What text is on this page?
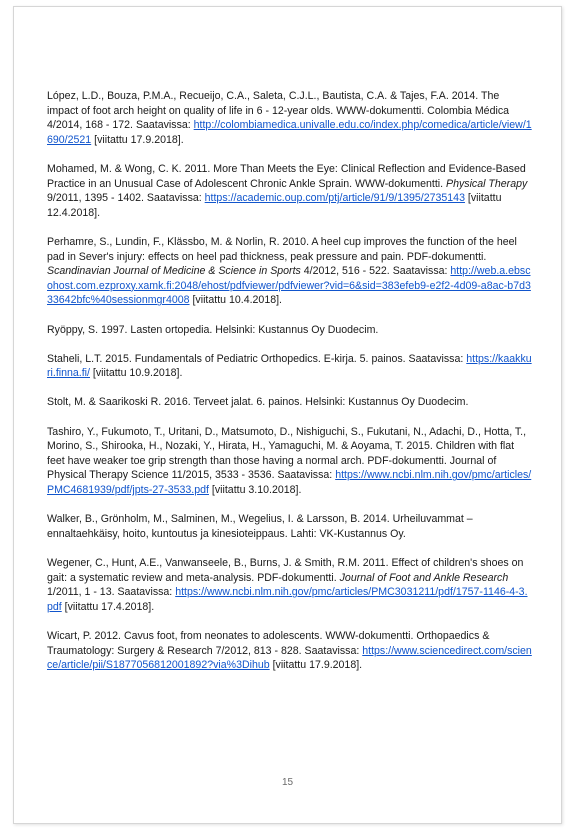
López, L.D., Bouza, P.M.A., Recueijo, C.A., Saleta, C.J.L., Bautista, C.A. & Tajes, F.A. 2014. The impact of foot arch height on quality of life in 6 - 12-year olds. WWW-dokumentti. Colombia Médica 4/2014, 168 - 172. Saatavissa: http://colombiamedica.univalle.edu.co/index.php/comedica/article/view/1690/2521 [viitattu 17.9.2018].

Mohamed, M. & Wong, C. K. 2011. More Than Meets the Eye: Clinical Reflection and Evidence-Based Practice in an Unusual Case of Adolescent Chronic Ankle Sprain. WWW-dokumentti. Physical Therapy 9/2011, 1395 - 1402. Saatavissa: https://academic.oup.com/ptj/article/91/9/1395/2735143 [viitattu 12.4.2018].

Perhamre, S., Lundin, F., Klässbo, M. & Norlin, R. 2010. A heel cup improves the function of the heel pad in Sever's injury: effects on heel pad thickness, peak pressure and pain. PDF-dokumentti. Scandinavian Journal of Medicine & Science in Sports 4/2012, 516 - 522. Saatavissa: http://web.a.ebscohost.com.ezproxy.xamk.fi:2048/ehost/pdfviewer/pdfviewer?vid=6&sid=383efeb9-e2f2-4d09-a8ac-b7d333642bfc%40sessionmgr4008 [viitattu 10.4.2018].

Ryöppy, S. 1997. Lasten ortopedia. Helsinki: Kustannus Oy Duodecim.

Staheli, L.T. 2015. Fundamentals of Pediatric Orthopedics. E-kirja. 5. painos. Saatavissa: https://kaakkuri.finna.fi/ [viitattu 10.9.2018].

Stolt, M. & Saarikoski R. 2016. Terveet jalat. 6. painos. Helsinki: Kustannus Oy Duodecim.

Tashiro, Y., Fukumoto, T., Uritani, D., Matsumoto, D., Nishiguchi, S., Fukutani, N., Adachi, D., Hotta, T., Morino, S., Shirooka, H., Nozaki, Y., Hirata, H., Yamaguchi, M. & Aoyama, T. 2015. Children with flat feet have weaker toe grip strength than those having a normal arch. PDF-dokumentti. Journal of Physical Therapy Science 11/2015, 3533 - 3536. Saatavissa: https://www.ncbi.nlm.nih.gov/pmc/articles/PMC4681939/pdf/jpts-27-3533.pdf [viitattu 3.10.2018].

Walker, B., Grönholm, M., Salminen, M., Wegelius, I. & Larsson, B. 2014. Urheiluvammat – ennaltaehkäisy, hoito, kuntoutus ja kinesioteippaus. Lahti: VK-Kustannus Oy.

Wegener, C., Hunt, A.E., Vanwanseele, B., Burns, J. & Smith, R.M. 2011. Effect of children's shoes on gait: a systematic review and meta-analysis. PDF-dokumentti. Journal of Foot and Ankle Research 1/2011, 1 - 13. Saatavissa: https://www.ncbi.nlm.nih.gov/pmc/articles/PMC3031211/pdf/1757-1146-4-3.pdf [viitattu 17.4.2018].

Wicart, P. 2012. Cavus foot, from neonates to adolescents. WWW-dokumentti. Orthopaedics & Traumatology: Surgery & Research 7/2012, 813 - 828. Saatavissa: https://www.sciencedirect.com/science/article/pii/S187705681200189​2?via%3Dihub [viitattu 17.9.2018].

15
